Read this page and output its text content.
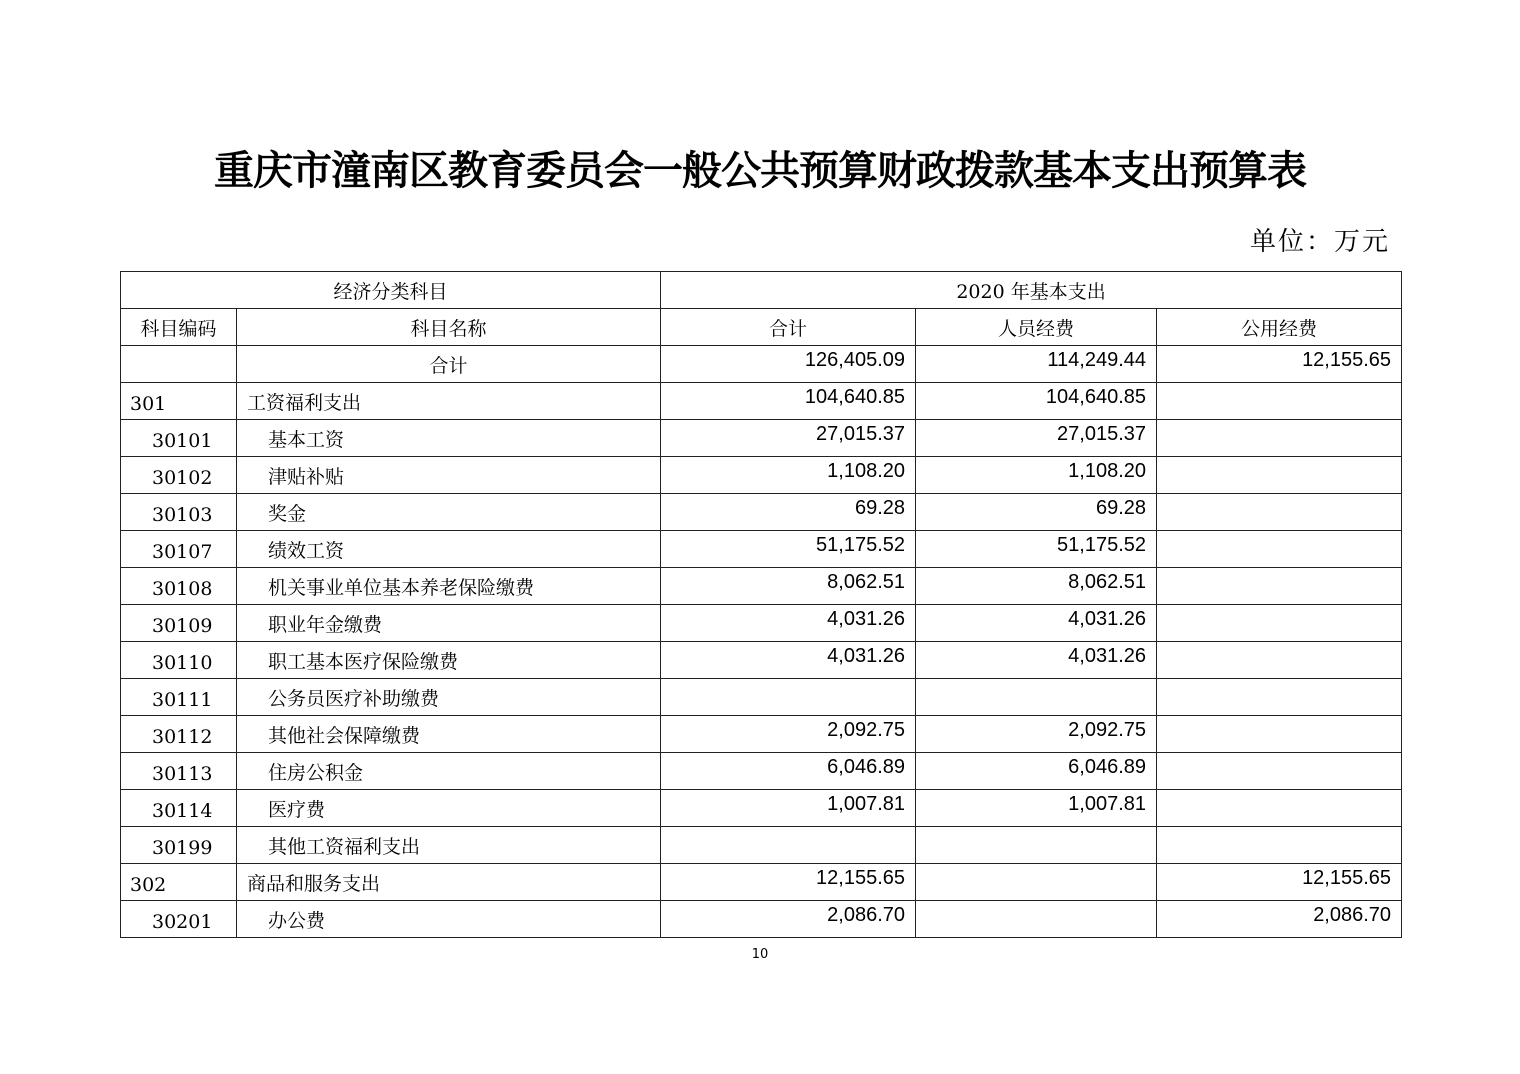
重庆市潼南区教育委员会一般公共预算财政拨款基本支出预算表
单位：万元
经济分类科目		2020 年基本支出		
科目编码	科目名称	合计	人员经费	公用经费
	合计	126,405.09	114,249.44	12,155.65
301	工资福利支出	104,640.85	104,640.85	
30101	基本工资	27,015.37	27,015.37	
30102	津贴补贴	1,108.20	1,108.20	
30103	奖金	69.28	69.28	
30107	绩效工资	51,175.52	51,175.52	
30108	机关事业单位基本养老保险缴费	8,062.51	8,062.51	
30109	职业年金缴费	4,031.26	4,031.26	
30110	职工基本医疗保险缴费	4,031.26	4,031.26	
30111	公务员医疗补助缴费			
30112	其他社会保障缴费	2,092.75	2,092.75	
30113	住房公积金	6,046.89	6,046.89	
30114	医疗费	1,007.81	1,007.81	
30199	其他工资福利支出			
302	商品和服务支出	12,155.65		12,155.65
30201	办公费	2,086.70		2,086.70
10
